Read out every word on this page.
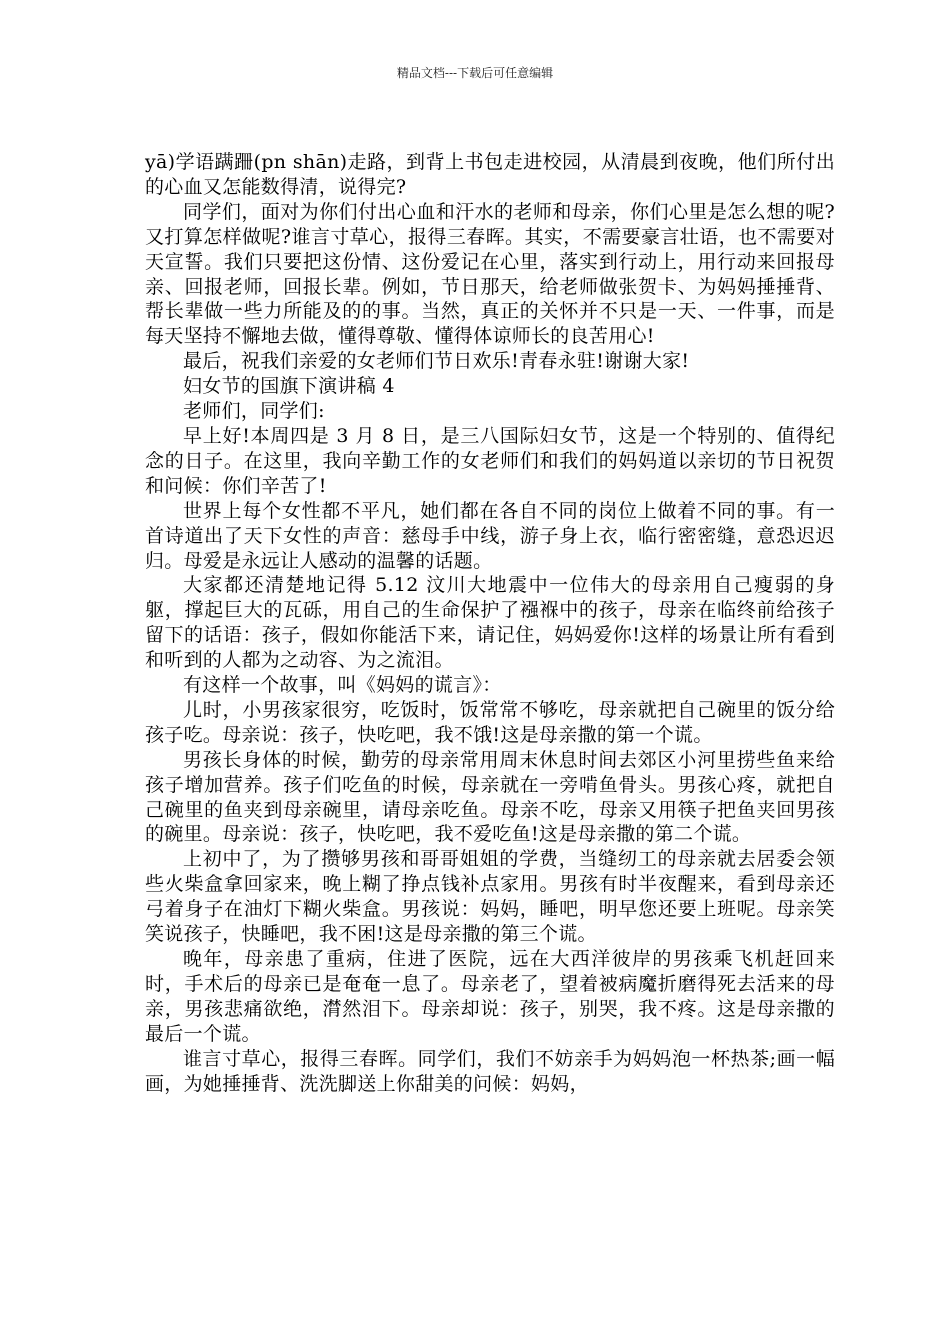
精品文档---下载后可任意编辑

yā)学语蹒跚(pn shān)走路，到背上书包走进校园，从清晨到夜晚，他们所付出的心血又怎能数得清，说得完?

同学们，面对为你们付出心血和汗水的老师和母亲，你们心里是怎么想的呢?又打算怎样做呢?谁言寸草心，报得三春晖。其实，不需要豪言壮语，也不需要对天宣誓。我们只要把这份情、这份爱记在心里，落实到行动上，用行动来回报母亲、回报老师，回报长辈。例如，节日那天，给老师做张贺卡、为妈妈捶捶背、帮长辈做一些力所能及的的事。当然，真正的关怀并不只是一天、一件事，而是每天坚持不懈地去做，懂得尊敬、懂得体谅师长的良苦用心!

最后，祝我们亲爱的女老师们节日欢乐!青春永驻!谢谢大家!

妇女节的国旗下演讲稿 4

老师们，同学们:

早上好!本周四是 3 月 8 日，是三八国际妇女节，这是一个特别的、值得纪念的日子。在这里，我向辛勤工作的女老师们和我们的妈妈道以亲切的节日祝贺和问候：你们辛苦了!

世界上每个女性都不平凡，她们都在各自不同的岗位上做着不同的事。有一首诗道出了天下女性的声音：慈母手中线，游子身上衣，临行密密缝，意恐迟迟归。母爱是永远让人感动的温馨的话题。

大家都还清楚地记得 5.12 汶川大地震中一位伟大的母亲用自己瘦弱的身躯，撑起巨大的瓦砾，用自己的生命保护了襁褓中的孩子，母亲在临终前给孩子留下的话语：孩子，假如你能活下来，请记住，妈妈爱你!这样的场景让所有看到和听到的人都为之动容、为之流泪。

有这样一个故事，叫《妈妈的谎言》：

儿时，小男孩家很穷，吃饭时，饭常常不够吃，母亲就把自己碗里的饭分给孩子吃。母亲说：孩子，快吃吧，我不饿!这是母亲撒的第一个谎。

男孩长身体的时候，勤劳的母亲常用周末休息时间去郊区小河里捞些鱼来给孩子增加营养。孩子们吃鱼的时候，母亲就在一旁啃鱼骨头。男孩心疼，就把自己碗里的鱼夹到母亲碗里，请母亲吃鱼。母亲不吃，母亲又用筷子把鱼夹回男孩的碗里。母亲说：孩子，快吃吧，我不爱吃鱼!这是母亲撒的第二个谎。

上初中了，为了攒够男孩和哥哥姐姐的学费，当缝纫工的母亲就去居委会领些火柴盒拿回家来，晚上糊了挣点钱补点家用。男孩有时半夜醒来，看到母亲还弓着身子在油灯下糊火柴盒。男孩说：妈妈，睡吧，明早您还要上班呢。母亲笑笑说孩子，快睡吧，我不困!这是母亲撒的第三个谎。

晚年，母亲患了重病，住进了医院，远在大西洋彼岸的男孩乘飞机赶回来时，手术后的母亲已是奄奄一息了。母亲老了，望着被病魔折磨得死去活来的母亲，男孩悲痛欲绝，潸然泪下。母亲却说：孩子，别哭，我不疼。这是母亲撒的最后一个谎。

谁言寸草心，报得三春晖。同学们，我们不妨亲手为妈妈泡一杯热茶;画一幅画，为她捶捶背、洗洗脚送上你甜美的问候：妈妈，
